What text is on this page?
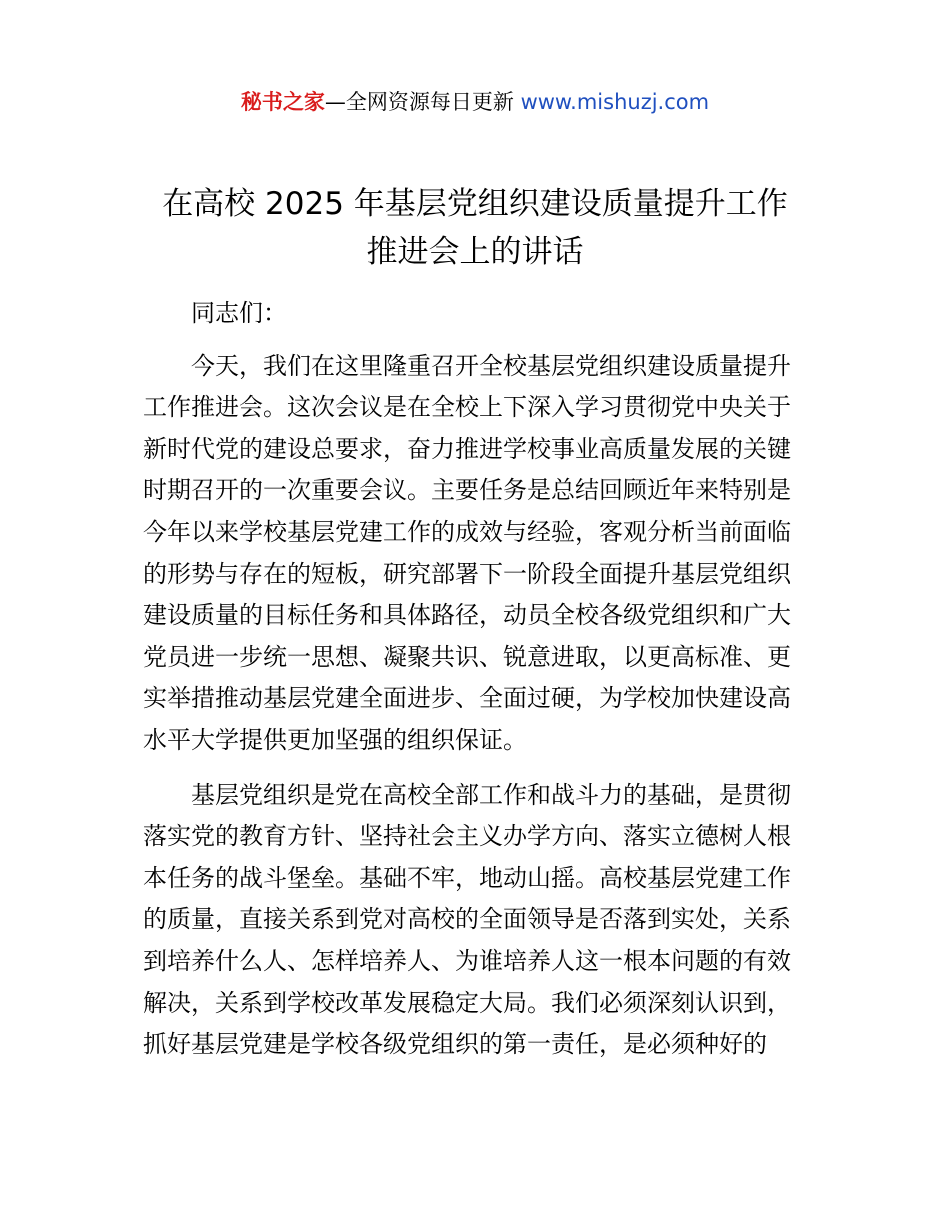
秘书之家—全网资源每日更新 www.mishuzj.com
在高校 2025 年基层党组织建设质量提升工作
推进会上的讲话
同志们：
今天，我们在这里隆重召开全校基层党组织建设质量提升
工作推进会。这次会议是在全校上下深入学习贯彻党中央关于
新时代党的建设总要求，奋力推进学校事业高质量发展的关键
时期召开的一次重要会议。主要任务是总结回顾近年来特别是
今年以来学校基层党建工作的成效与经验，客观分析当前面临
的形势与存在的短板，研究部署下一阶段全面提升基层党组织
建设质量的目标任务和具体路径，动员全校各级党组织和广大
党员进一步统一思想、凝聚共识、锐意进取，以更高标准、更
实举措推动基层党建全面进步、全面过硬，为学校加快建设高
水平大学提供更加坚强的组织保证。
基层党组织是党在高校全部工作和战斗力的基础，是贯彻
落实党的教育方针、坚持社会主义办学方向、落实立德树人根
本任务的战斗堡垒。基础不牢，地动山摇。高校基层党建工作
的质量，直接关系到党对高校的全面领导是否落到实处，关系
到培养什么人、怎样培养人、为谁培养人这一根本问题的有效
解决，关系到学校改革发展稳定大局。我们必须深刻认识到，
抓好基层党建是学校各级党组织的第一责任，是必须种好的
